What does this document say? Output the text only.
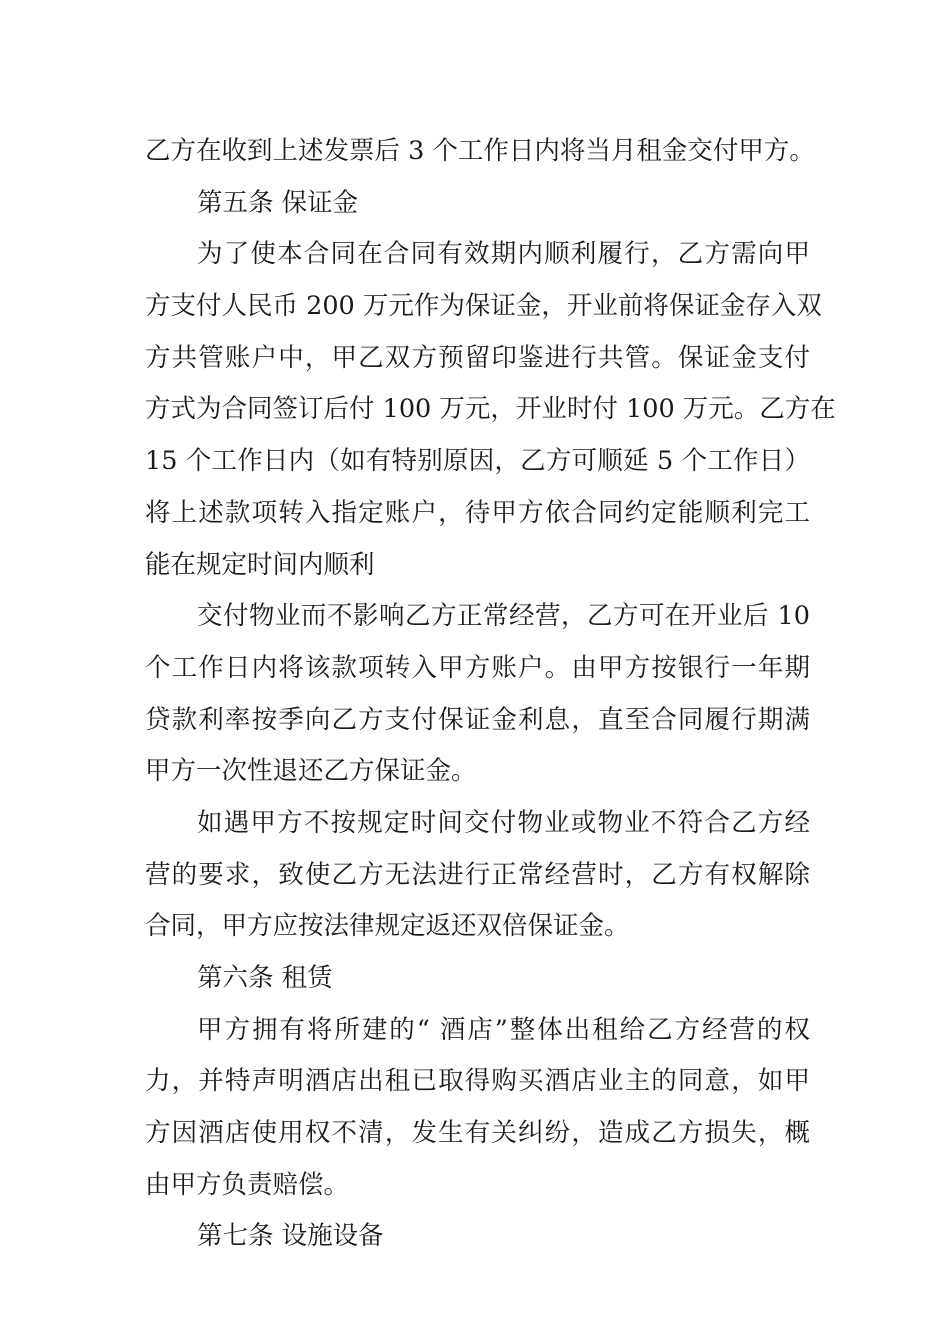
乙方在收到上述发票后 3 个工作日内将当月租金交付甲方。

第五条 保证金

为了使本合同在合同有效期内顺利履行，乙方需向甲

方支付人民币 200 万元作为保证金，开业前将保证金存入双

方共管账户中，甲乙双方预留印鉴进行共管。保证金支付

方式为合同签订后付 100 万元，开业时付 100 万元。乙方在

15 个工作日内（如有特别原因，乙方可顺延 5 个工作日）

将上述款项转入指定账户，待甲方依合同约定能顺利完工

能在规定时间内顺利

交付物业而不影响乙方正常经营，乙方可在开业后 10

个工作日内将该款项转入甲方账户。由甲方按银行一年期

贷款利率按季向乙方支付保证金利息，直至合同履行期满

甲方一次性退还乙方保证金。

如遇甲方不按规定时间交付物业或物业不符合乙方经

营的要求，致使乙方无法进行正常经营时，乙方有权解除

合同，甲方应按法律规定返还双倍保证金。

第六条 租赁

甲方拥有将所建的“ 酒店”整体出租给乙方经营的权

力，并特声明酒店出租已取得购买酒店业主的同意，如甲

方因酒店使用权不清，发生有关纠纷，造成乙方损失，概

由甲方负责赔偿。

第七条 设施设备
